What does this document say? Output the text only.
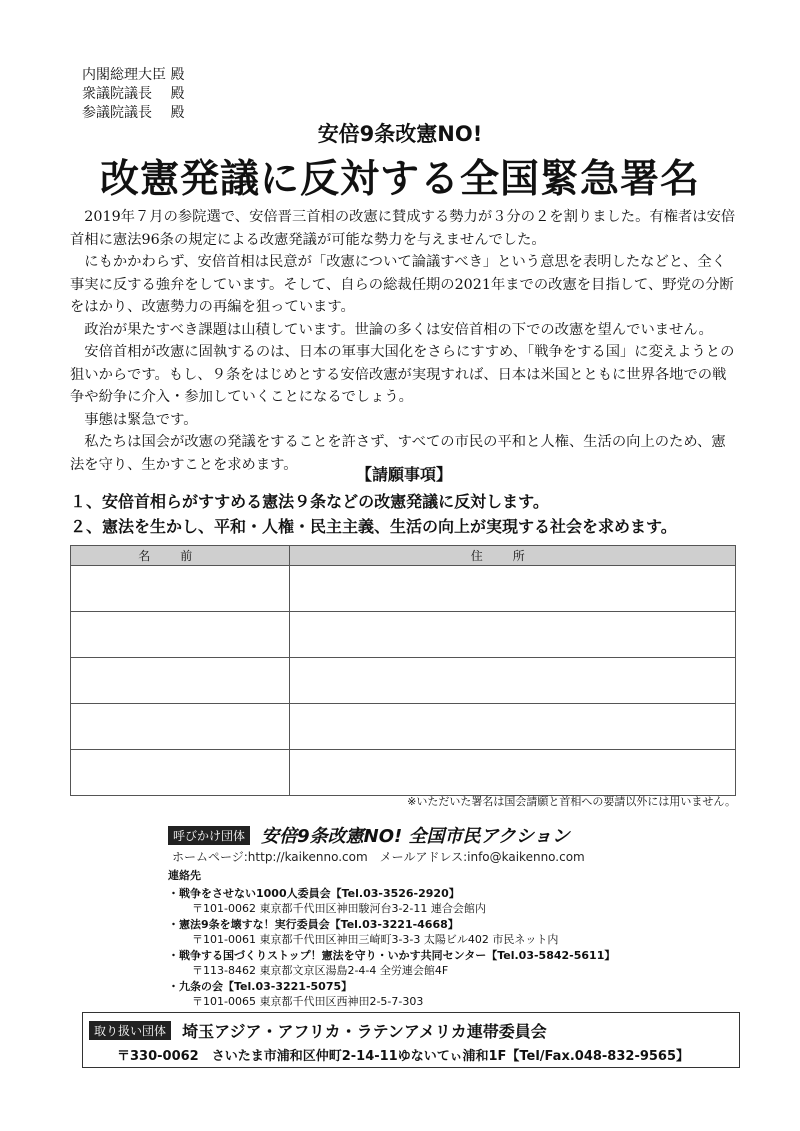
内閣総理大臣 殿
衆議院議長　 殿
参議院議長　 殿
安倍9条改憲NO!
改憲発議に反対する全国緊急署名

2019年７月の参院選で、安倍晋三首相の改憲に賛成する勢力が３分の２を割りました。有権者は安倍首相に憲法96条の規定による改憲発議が可能な勢力を与えませんでした。

にもかかわらず、安倍首相は民意が「改憲について論議すべき」という意思を表明したなどと、全く事実に反する強弁をしています。そして、自らの総裁任期の2021年までの改憲を目指して、野党の分断をはかり、改憲勢力の再編を狙っています。

政治が果たすべき課題は山積しています。世論の多くは安倍首相の下での改憲を望んでいません。

安倍首相が改憲に固執するのは、日本の軍事大国化をさらにすすめ、「戦争をする国」に変えようとの狙いからです。もし、９条をはじめとする安倍改憲が実現すれば、日本は米国とともに世界各地での戦争や紛争に介入・参加していくことになるでしょう。

事態は緊急です。

私たちは国会が改憲の発議をすることを許さず、すべての市民の平和と人権、生活の向上のため、憲法を守り、生かすことを求めます。

【請願事項】
１、安倍首相らがすすめる憲法９条などの改憲発議に反対します。
２、憲法を生かし、平和・人権・民主主義、生活の向上が実現する社会を求めます。
名前	住所

※いただいた署名は国会請願と首相への要請以外には用いません。
呼びかけ団体 安倍9条改憲NO! 全国市民アクション
ホームページ:http://kaikenno.com　メールアドレス:info@kaikenno.com
連絡先
・戦争をさせない1000人委員会【Tel.03-3526-2920】
〒101-0062 東京都千代田区神田駿河台3-2-11 連合会館内
・憲法9条を壊すな！実行委員会【Tel.03-3221-4668】
〒101-0061 東京都千代田区神田三崎町3-3-3 太陽ビル402 市民ネット内
・戦争する国づくりストップ！憲法を守り・いかす共同センター【Tel.03-5842-5611】
〒113-8462 東京都文京区湯島2-4-4 全労連会館4F
・九条の会【Tel.03-3221-5075】
〒101-0065 東京都千代田区西神田2-5-7-303
取り扱い団体 埼玉アジア・アフリカ・ラテンアメリカ連帯委員会
〒330-0062　さいたま市浦和区仲町2-14-11ゆないてぃ浦和1F【Tel/Fax.048-832-9565】
